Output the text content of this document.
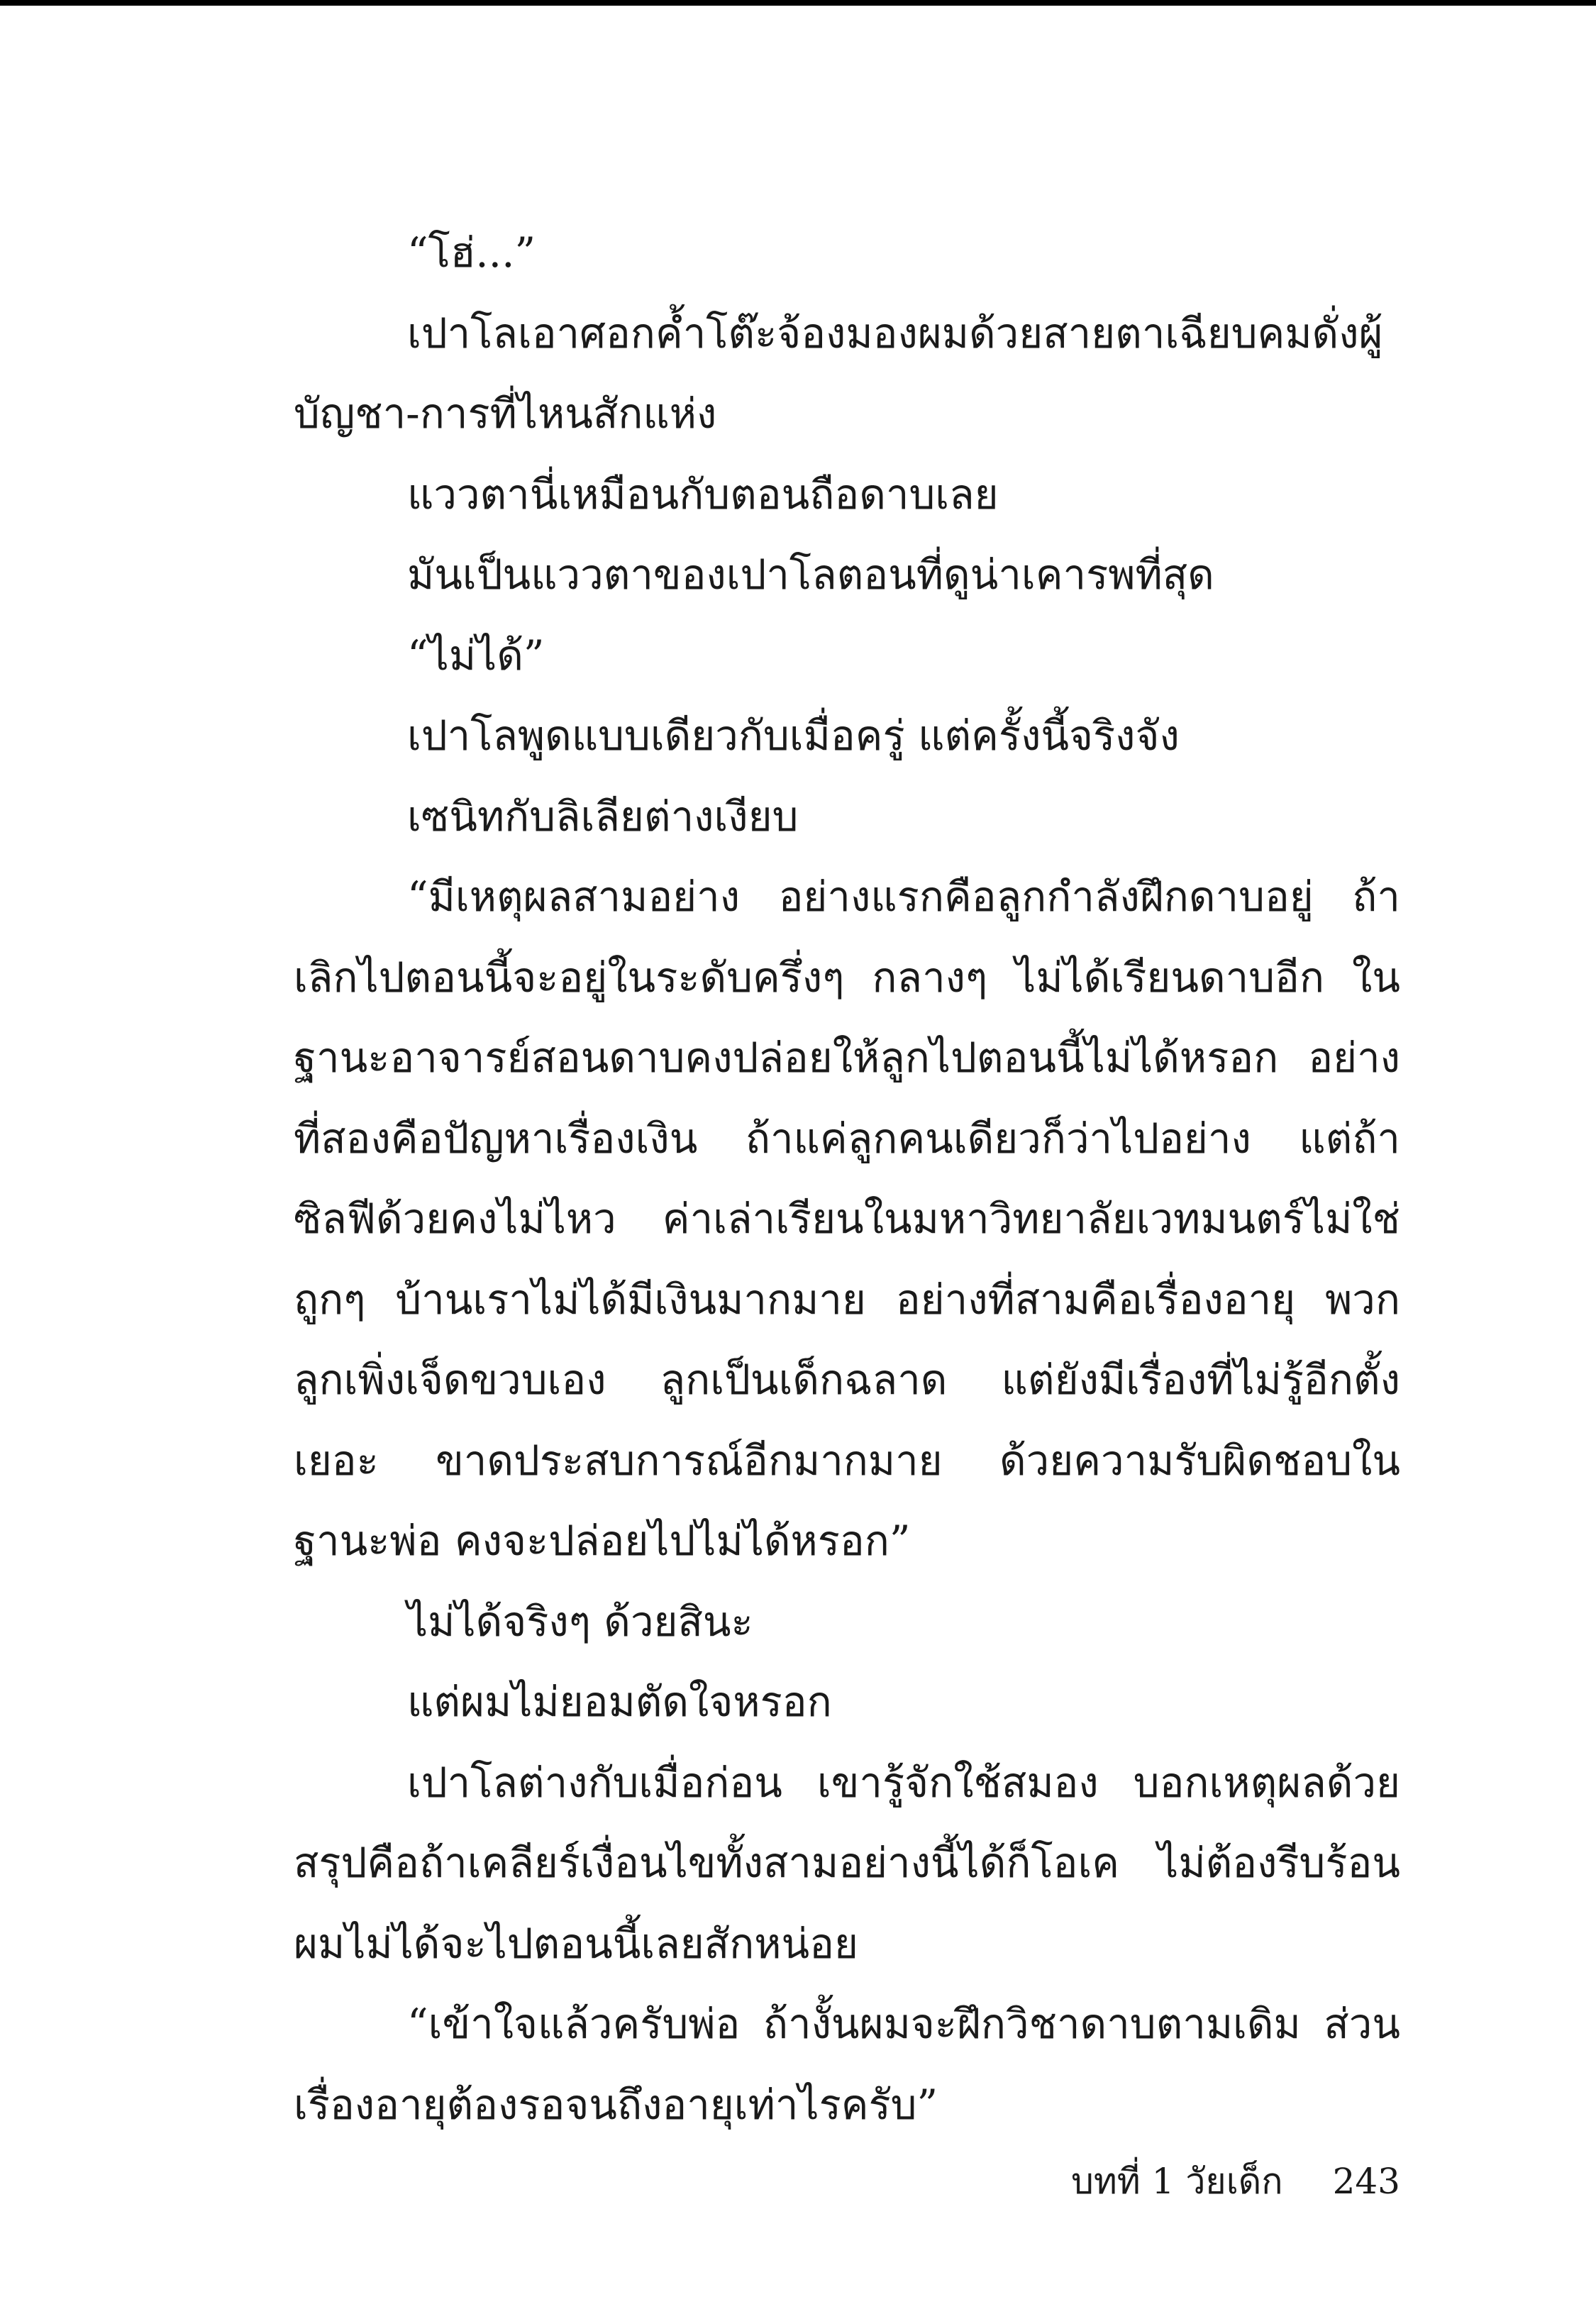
“โฮ่...”

เปาโลเอาศอกค้ำโต๊ะจ้องมองผมด้วยสายตาเฉียบคมดั่งผู้บัญชา-การที่ไหนสักแห่ง

แววตานี่เหมือนกับตอนถือดาบเลย

มันเป็นแววตาของเปาโลตอนที่ดูน่าเคารพที่สุด

“ไม่ได้”

เปาโลพูดแบบเดียวกับเมื่อครู่ แต่ครั้งนี้จริงจัง

เซนิทกับลิเลียต่างเงียบ

“มีเหตุผลสามอย่าง อย่างแรกคือลูกกำลังฝึกดาบอยู่ ถ้าเลิกไปตอนนี้จะอยู่ในระดับครึ่งๆ กลางๆ ไม่ได้เรียนดาบอีก ในฐานะอาจารย์สอนดาบคงปล่อยให้ลูกไปตอนนี้ไม่ได้หรอก อย่างที่สองคือปัญหาเรื่องเงิน ถ้าแค่ลูกคนเดียวก็ว่าไปอย่าง แต่ถ้าซิลฟีด้วยคงไม่ไหว ค่าเล่าเรียนในมหาวิทยาลัยเวทมนตร์ไม่ใช่ถูกๆ บ้านเราไม่ได้มีเงินมากมาย อย่างที่สามคือเรื่องอายุ พวกลูกเพิ่งเจ็ดขวบเอง ลูกเป็นเด็กฉลาด แต่ยังมีเรื่องที่ไม่รู้อีกตั้งเยอะ ขาดประสบการณ์อีกมากมาย ด้วยความรับผิดชอบในฐานะพ่อ คงจะปล่อยไปไม่ได้หรอก”

ไม่ได้จริงๆ ด้วยสินะ

แต่ผมไม่ยอมตัดใจหรอก

เปาโลต่างกับเมื่อก่อน เขารู้จักใช้สมอง บอกเหตุผลด้วย สรุปคือถ้าเคลียร์เงื่อนไขทั้งสามอย่างนี้ได้ก็โอเค ไม่ต้องรีบร้อนผมไม่ได้จะไปตอนนี้เลยสักหน่อย

“เข้าใจแล้วครับพ่อ ถ้างั้นผมจะฝึกวิชาดาบตามเดิม ส่วนเรื่องอายุต้องรอจนถึงอายุเท่าไรครับ”

บทที่ 1 วัยเด็ก 243
